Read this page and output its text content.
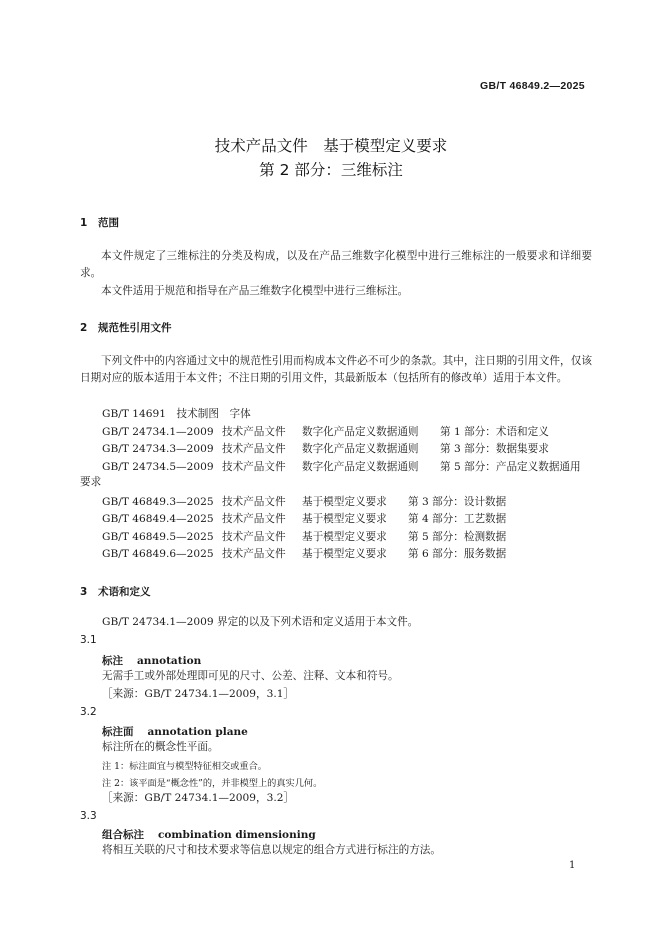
GB/T 46849.2—2025
技术产品文件　基于模型定义要求
第 2 部分：三维标注
1 范围
本文件规定了三维标注的分类及构成，以及在产品三维数字化模型中进行三维标注的一般要求和详细要求。
本文件适用于规范和指导在产品三维数字化模型中进行三维标注。
2 规范性引用文件
下列文件中的内容通过文中的规范性引用而构成本文件必不可少的条款。其中，注日期的引用文件，仅该日期对应的版本适用于本文件；不注日期的引用文件，其最新版本（包括所有的修改单）适用于本文件。
GB/T 14691　技术制图　字体
GB/T 24734.1—2009 技术产品文件 数字化产品定义数据通则 第 1 部分：术语和定义
GB/T 24734.3—2009 技术产品文件 数字化产品定义数据通则 第 3 部分：数据集要求
GB/T 24734.5—2009 技术产品文件 数字化产品定义数据通则 第 5 部分：产品定义数据通用
要求
GB/T 46849.3—2025 技术产品文件 基于模型定义要求 第 3 部分：设计数据
GB/T 46849.4—2025 技术产品文件 基于模型定义要求 第 4 部分：工艺数据
GB/T 46849.5—2025 技术产品文件 基于模型定义要求 第 5 部分：检测数据
GB/T 46849.6—2025 技术产品文件 基于模型定义要求 第 6 部分：服务数据
3 术语和定义
GB/T 24734.1—2009 界定的以及下列术语和定义适用于本文件。
3.1
标注 annotation
无需手工或外部处理即可见的尺寸、公差、注释、文本和符号。
［来源：GB/T 24734.1—2009，3.1］
3.2
标注面 annotation plane
标注所在的概念性平面。
注 1：标注面宜与模型特征相交或重合。
注 2：该平面是“概念性”的，并非模型上的真实几何。
［来源：GB/T 24734.1—2009，3.2］
3.3
组合标注 combination dimensioning
将相互关联的尺寸和技术要求等信息以规定的组合方式进行标注的方法。
1
